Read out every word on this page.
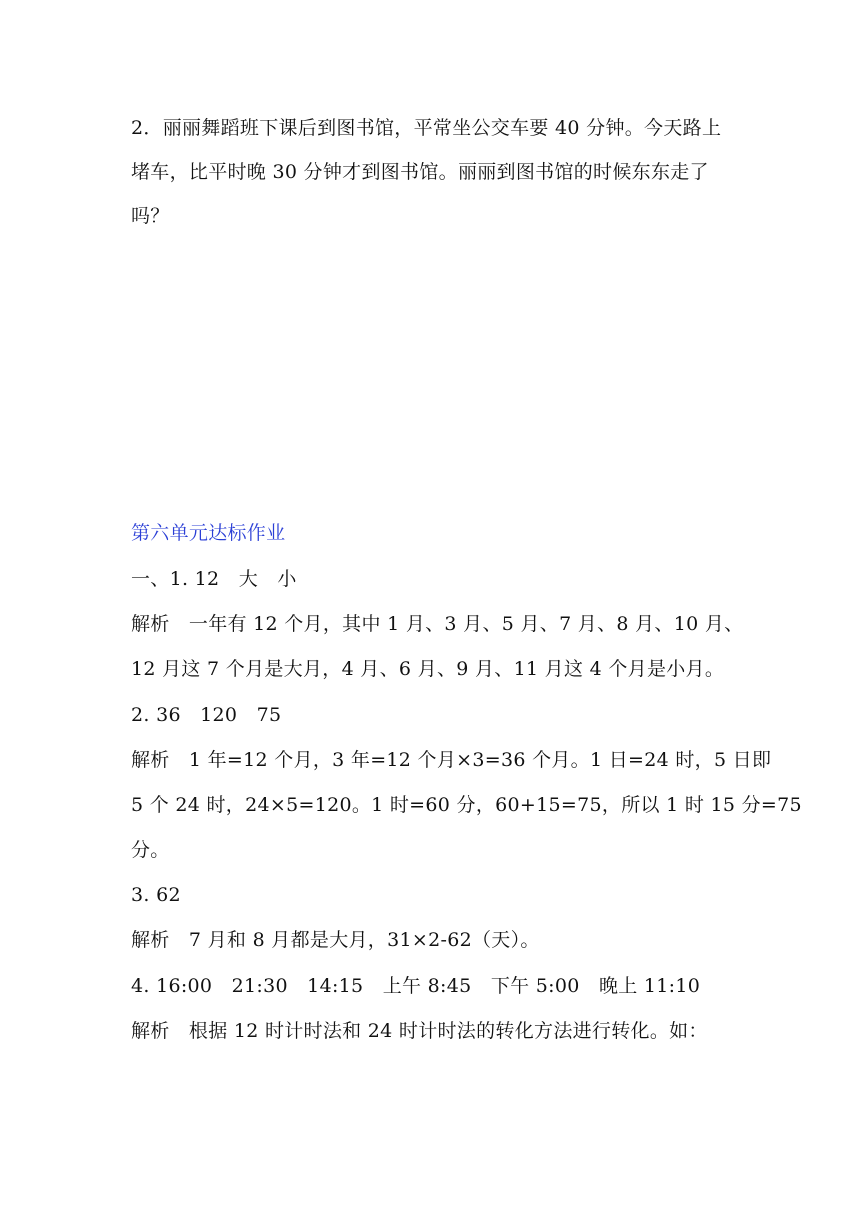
2．丽丽舞蹈班下课后到图书馆，平常坐公交车要 40 分钟。今天路上
堵车，比平时晚 30 分钟才到图书馆。丽丽到图书馆的时候东东走了
吗？
第六单元达标作业
一、1. 12　大　小
解析　一年有 12 个月，其中 1 月、3 月、5 月、7 月、8 月、10 月、
12 月这 7 个月是大月，4 月、6 月、9 月、11 月这 4 个月是小月。
2. 36　120　75
解析　1 年=12 个月，3 年=12 个月×3=36 个月。1 日=24 时，5 日即
5 个 24 时，24×5=120。1 时=60 分，60+15=75，所以 1 时 15 分=75
分。
3. 62
解析　7 月和 8 月都是大月，31×2-62（天）。
4. 16:00　21:30　14:15　上午 8:45　下午 5:00　晚上 11:10
解析　根据 12 时计时法和 24 时计时法的转化方法进行转化。如：
